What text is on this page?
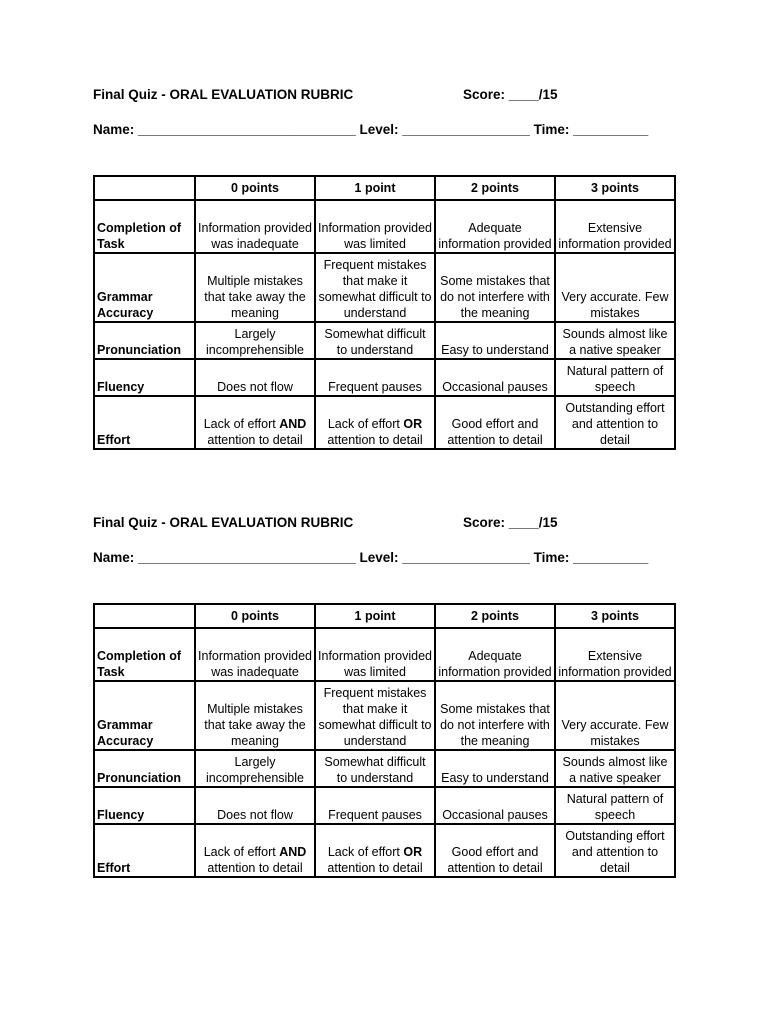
Final Quiz - ORAL EVALUATION RUBRIC	Score: ____/15
Name: _____________________________ Level: _________________ Time: __________
	0 points	1 point	2 points	3 points
Completion of Task	Information provided was inadequate	Information provided was limited	Adequate information provided	Extensive information provided
Grammar Accuracy	Multiple mistakes that take away the meaning	Frequent mistakes that make it somewhat difficult to understand	Some mistakes that do not interfere with the meaning	Very accurate. Few mistakes
Pronunciation	Largely incomprehensible	Somewhat difficult to understand	Easy to understand	Sounds almost like a native speaker
Fluency	Does not flow	Frequent pauses	Occasional pauses	Natural pattern of speech
Effort	Lack of effort AND attention to detail	Lack of effort OR attention to detail	Good effort and attention to detail	Outstanding effort and attention to detail
Final Quiz - ORAL EVALUATION RUBRIC	Score: ____/15
Name: _____________________________ Level: _________________ Time: __________
	0 points	1 point	2 points	3 points
Completion of Task	Information provided was inadequate	Information provided was limited	Adequate information provided	Extensive information provided
Grammar Accuracy	Multiple mistakes that take away the meaning	Frequent mistakes that make it somewhat difficult to understand	Some mistakes that do not interfere with the meaning	Very accurate. Few mistakes
Pronunciation	Largely incomprehensible	Somewhat difficult to understand	Easy to understand	Sounds almost like a native speaker
Fluency	Does not flow	Frequent pauses	Occasional pauses	Natural pattern of speech
Effort	Lack of effort AND attention to detail	Lack of effort OR attention to detail	Good effort and attention to detail	Outstanding effort and attention to detail
